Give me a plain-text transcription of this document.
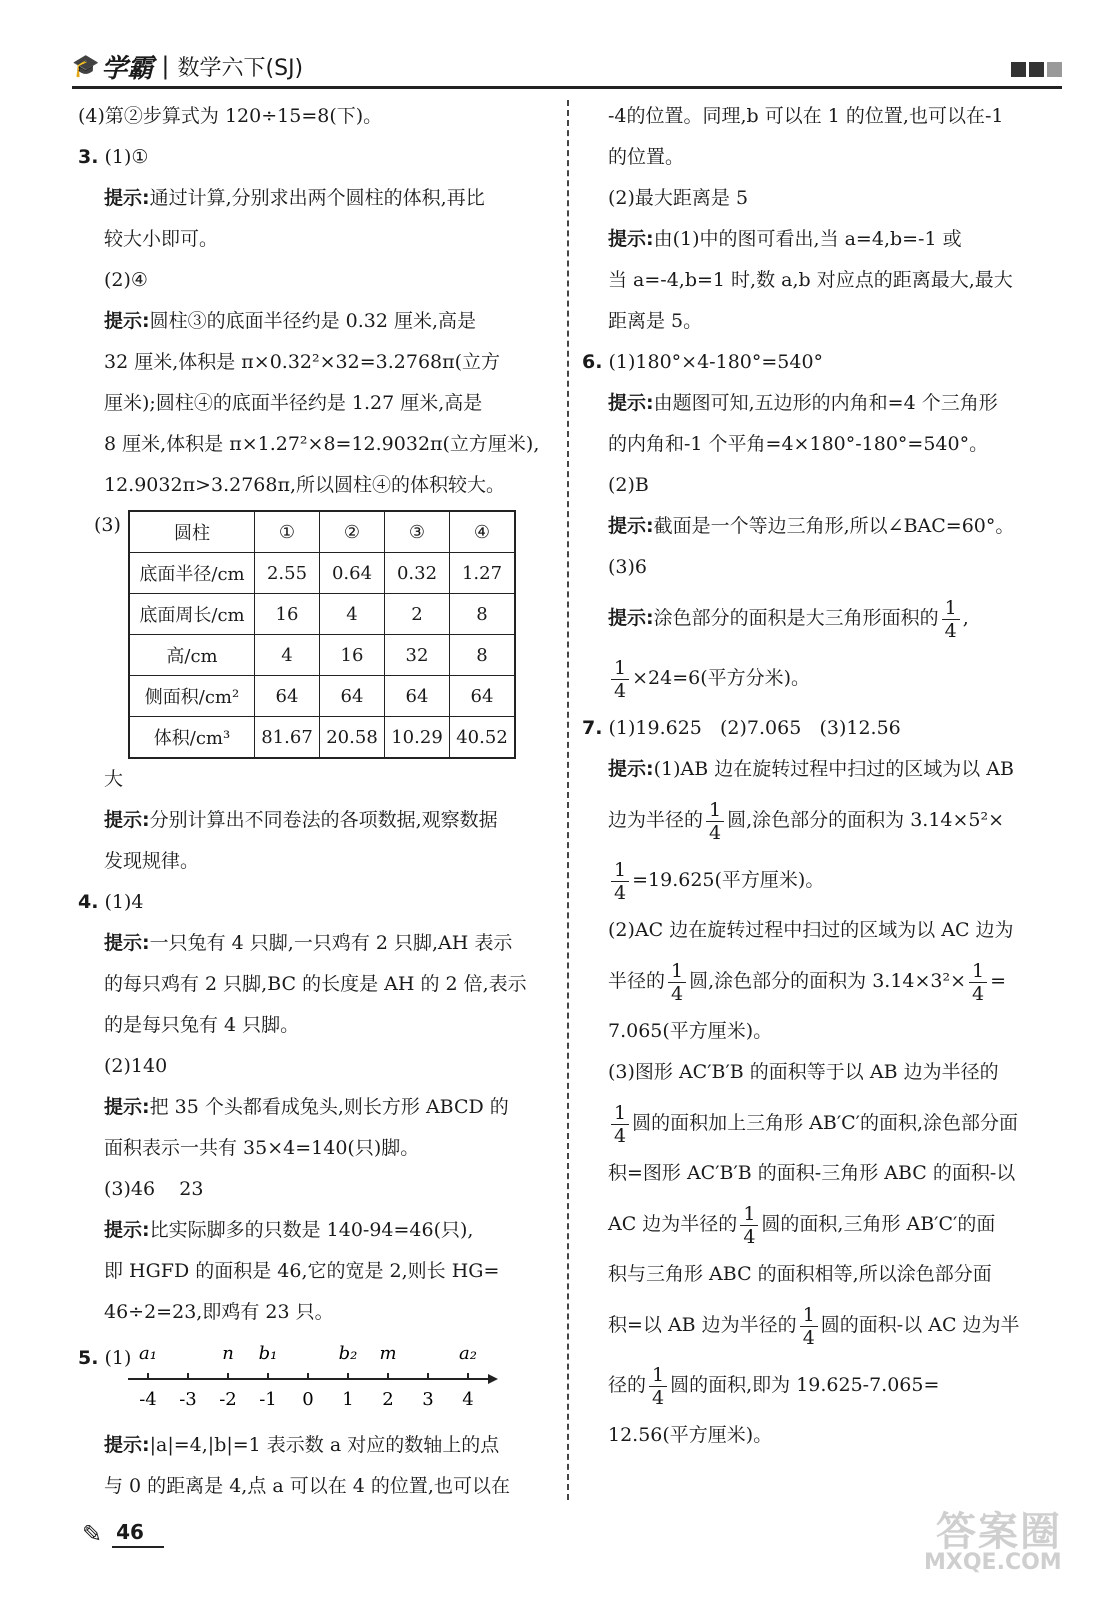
🎓 学霸 | 数学六下(SJ)

(4)第②步算式为 120÷15=8(下)。

3. (1)①

提示:通过计算,分别求出两个圆柱的体积,再比

较大小即可。

(2)④

提示:圆柱③的底面半径约是 0.32 厘米,高是

32 厘米,体积是 π×0.32²×32=3.2768π(立方

厘米);圆柱④的底面半径约是 1.27 厘米,高是

8 厘米,体积是 π×1.27²×8=12.9032π(立方厘米),

12.9032π>3.2768π,所以圆柱④的体积较大。

(3)	圆柱	①	②	③	④
底面半径/cm	2.55	0.64	0.32	1.27
底面周长/cm	16	4	2	8
高/cm	4	16	32	8
侧面积/cm²	64	64	64	64
体积/cm³	81.67	20.58	10.29	40.52

大

提示:分别计算出不同卷法的各项数据,观察数据

发现规律。

4. (1)4

提示:一只兔有 4 只脚,一只鸡有 2 只脚,AH 表示

的每只鸡有 2 只脚,BC 的长度是 AH 的 2 倍,表示

的是每只兔有 4 只脚。

(2)140

提示:把 35 个头都看成兔头,则长方形 ABCD 的

面积表示一共有 35×4=140(只)脚。

(3)46    23

提示:比实际脚多的只数是 140-94=46(只),

即 HGFD 的面积是 46,它的宽是 2,则长 HG=

46÷2=23,即鸡有 23 只。

5. (1)
-4 -3 -2 -1 0 1 2 3 4
a₁	n b₁	b₂ m	a₂

提示:|a|=4,|b|=1 表示数 a 对应的数轴上的点

与 0 的距离是 4,点 a 可以在 4 的位置,也可以在

-4的位置。同理,b 可以在 1 的位置,也可以在-1

的位置。

(2)最大距离是 5

提示:由(1)中的图可看出,当 a=4,b=-1 或

当 a=-4,b=1 时,数 a,b 对应点的距离最大,最大

距离是 5。

6. (1)180°×4-180°=540°

提示:由题图可知,五边形的内角和=4 个三角形

的内角和-1 个平角=4×180°-180°=540°。

(2)B

提示:截面是一个等边三角形,所以∠BAC=60°。

(3)6

提示:涂色部分的面积是大三角形面积的 $\frac{1}{4}$ ,

$\frac{1}{4} \times 24=6$(平方分米)。

7. (1)19.625   (2)7.065   (3)12.56

提示:(1)AB 边在旋转过程中扫过的区域为以 AB

边为半径的 $\frac{1}{4}$ 圆,涂色部分的面积为 3.14×5²×

$\frac{1}{4} =19.625$(平方厘米)。

(2)AC 边在旋转过程中扫过的区域为以 AC 边为

半径的 $\frac{1}{4}$ 圆,涂色部分的面积为 $3.14\times 3^2\times \frac{1}{4}$ =

7.065(平方厘米)。

(3)图形 AC′B′B 的面积等于以 AB 边为半径的

$\frac{1}{4}$ 圆的面积加上三角形 AB′C′的面积,涂色部分面

积=图形 AC′B′B 的面积-三角形 ABC 的面积-以

AC 边为半径的 $\frac{1}{4}$ 圆的面积,三角形 AB′C′的面

积与三角形 ABC 的面积相等,所以涂色部分面

积=以 AB 边为半径的 $\frac{1}{4}$ 圆的面积-以 AC 边为半

径的 $\frac{1}{4}$ 圆的面积,即为 19.625-7.065=

12.56(平方厘米)。

✎ 46	答案圈
MXQE.COM
